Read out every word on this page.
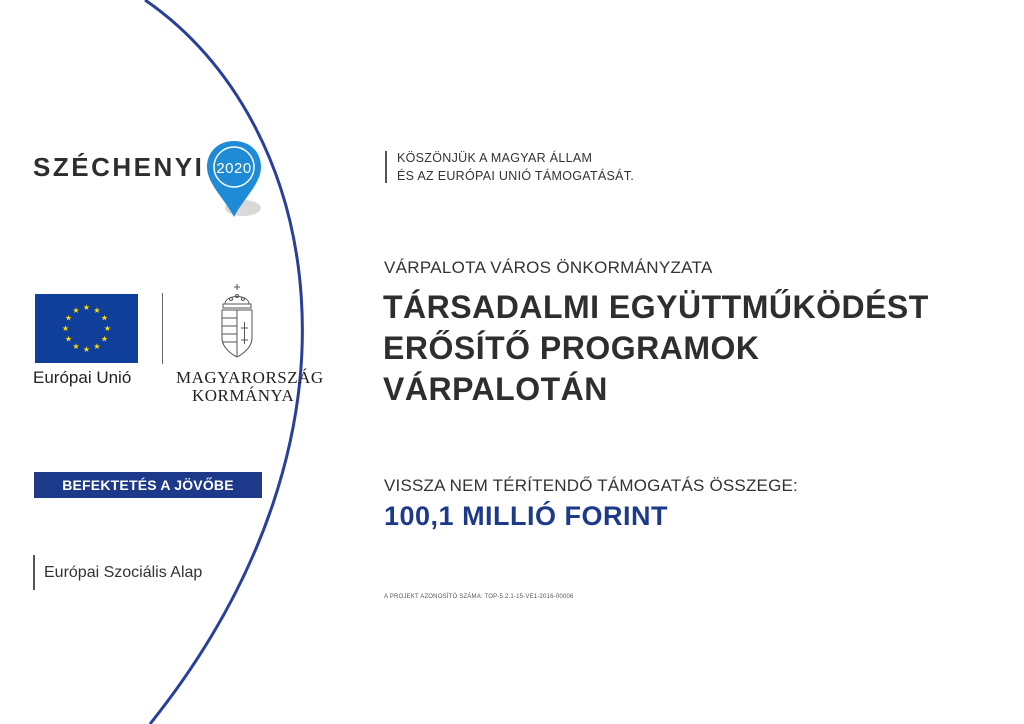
SZÉCHENYI 2020
★ ★
★
★
★
★
★
★
★
★
★
★
Európai Unió	MAGYARORSZÁG
KORMÁNYA
BEFEKTETÉS A JÖVŐBE
Európai Szociális Alap
KÖSZÖNJÜK A MAGYAR ÁLLAM
ÉS AZ EURÓPAI UNIÓ TÁMOGATÁSÁT.
VÁRPALOTA VÁROS ÖNKORMÁNYZATA
TÁRSADALMI EGYÜTTMŰKÖDÉST
ERŐSÍTŐ PROGRAMOK
VÁRPALOTÁN
VISSZA NEM TÉRÍTENDŐ TÁMOGATÁS ÖSSZEGE:
100,1 MILLIÓ FORINT
A PROJEKT AZONOSÍTÓ SZÁMA: TOP-5.2.1-15-VE1-2016-00006
